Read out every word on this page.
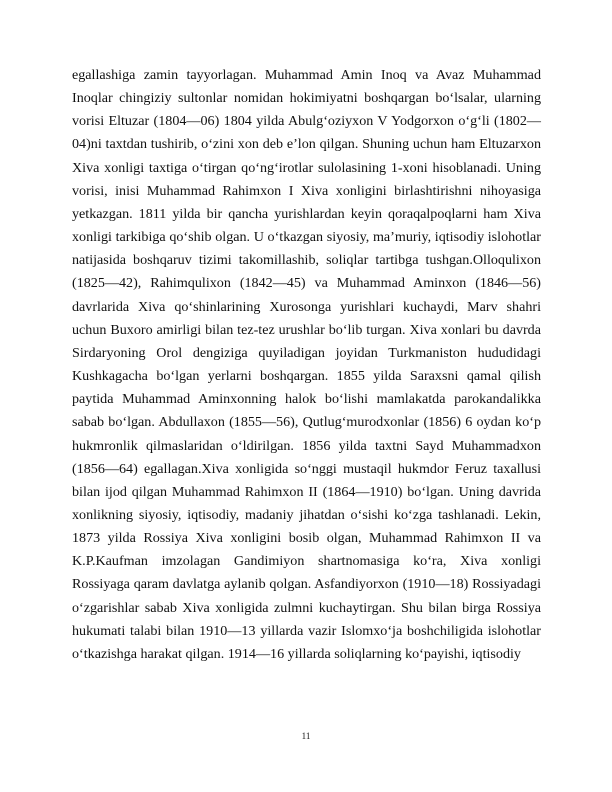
egallashiga zamin tayyorlagan. Muhammad Amin Inoq va Avaz Muhammad Inoqlar chingiziy sultonlar nomidan hokimiyatni boshqargan bo‘lsalar, ularning vorisi Eltuzar (1804—06) 1804 yilda Abulg‘oziyxon V Yodgorxon o‘g‘li (1802—04)ni taxtdan tushirib, o‘zini xon deb e’lon qilgan. Shuning uchun ham Eltuzarxon Xiva xonligi taxtiga o‘tirgan qo‘ng‘irotlar sulolasining 1-xoni hisoblanadi. Uning vorisi, inisi Muhammad Rahimxon I Xiva xonligini birlashtirishni nihoyasiga yetkazgan. 1811 yilda bir qancha yurishlardan keyin qoraqalpoqlarni ham Xiva xonligi tarkibiga qo‘shib olgan. U o‘tkazgan siyosiy, ma’muriy, iqtisodiy islohotlar natijasida boshqaruv tizimi takomillashib, soliqlar tartibga tushgan.Olloqulixon (1825—42), Rahimqulixon (1842—45) va Muhammad Aminxon (1846—56) davrlarida Xiva qo‘shinlarining Xurosonga yurishlari kuchaydi, Marv shahri uchun Buxoro amirligi bilan tez-tez urushlar bo‘lib turgan. Xiva xonlari bu davrda Sirdaryoning Orol dengiziga quyiladigan joyidan Turkmaniston hududidagi Kushkagacha bo‘lgan yerlarni boshqargan. 1855 yilda Saraxsni qamal qilish paytida Muhammad Aminxonning halok bo‘lishi mamlakatda parokandalikka sabab bo‘lgan. Abdullaxon (1855—56), Qutlug‘murodxonlar (1856) 6 oydan ko‘p hukmronlik qilmaslaridan o‘ldirilgan. 1856 yilda taxtni Sayd Muhammadxon (1856—64) egallagan.Xiva xonligida so‘nggi mustaqil hukmdor Feruz taxallusi bilan ijod qilgan Muhammad Rahimxon II (1864—1910) bo‘lgan. Uning davrida xonlikning siyosiy, iqtisodiy, madaniy jihatdan o‘sishi ko‘zga tashlanadi. Lekin, 1873 yilda Rossiya Xiva xonligini bosib olgan, Muhammad Rahimxon II va K.P.Kaufman imzolagan Gandimiyon shartnomasiga ko‘ra, Xiva xonligi Rossiyaga qaram davlatga aylanib qolgan. Asfandiyorxon (1910—18) Rossiyadagi o‘zgarishlar sabab Xiva xonligida zulmni kuchaytirgan. Shu bilan birga Rossiya hukumati talabi bilan 1910—13 yillarda vazir Islomxo‘ja boshchiligida islohotlar o‘tkazishga harakat qilgan. 1914—16 yillarda soliqlarning ko‘payishi, iqtisodiy

11
